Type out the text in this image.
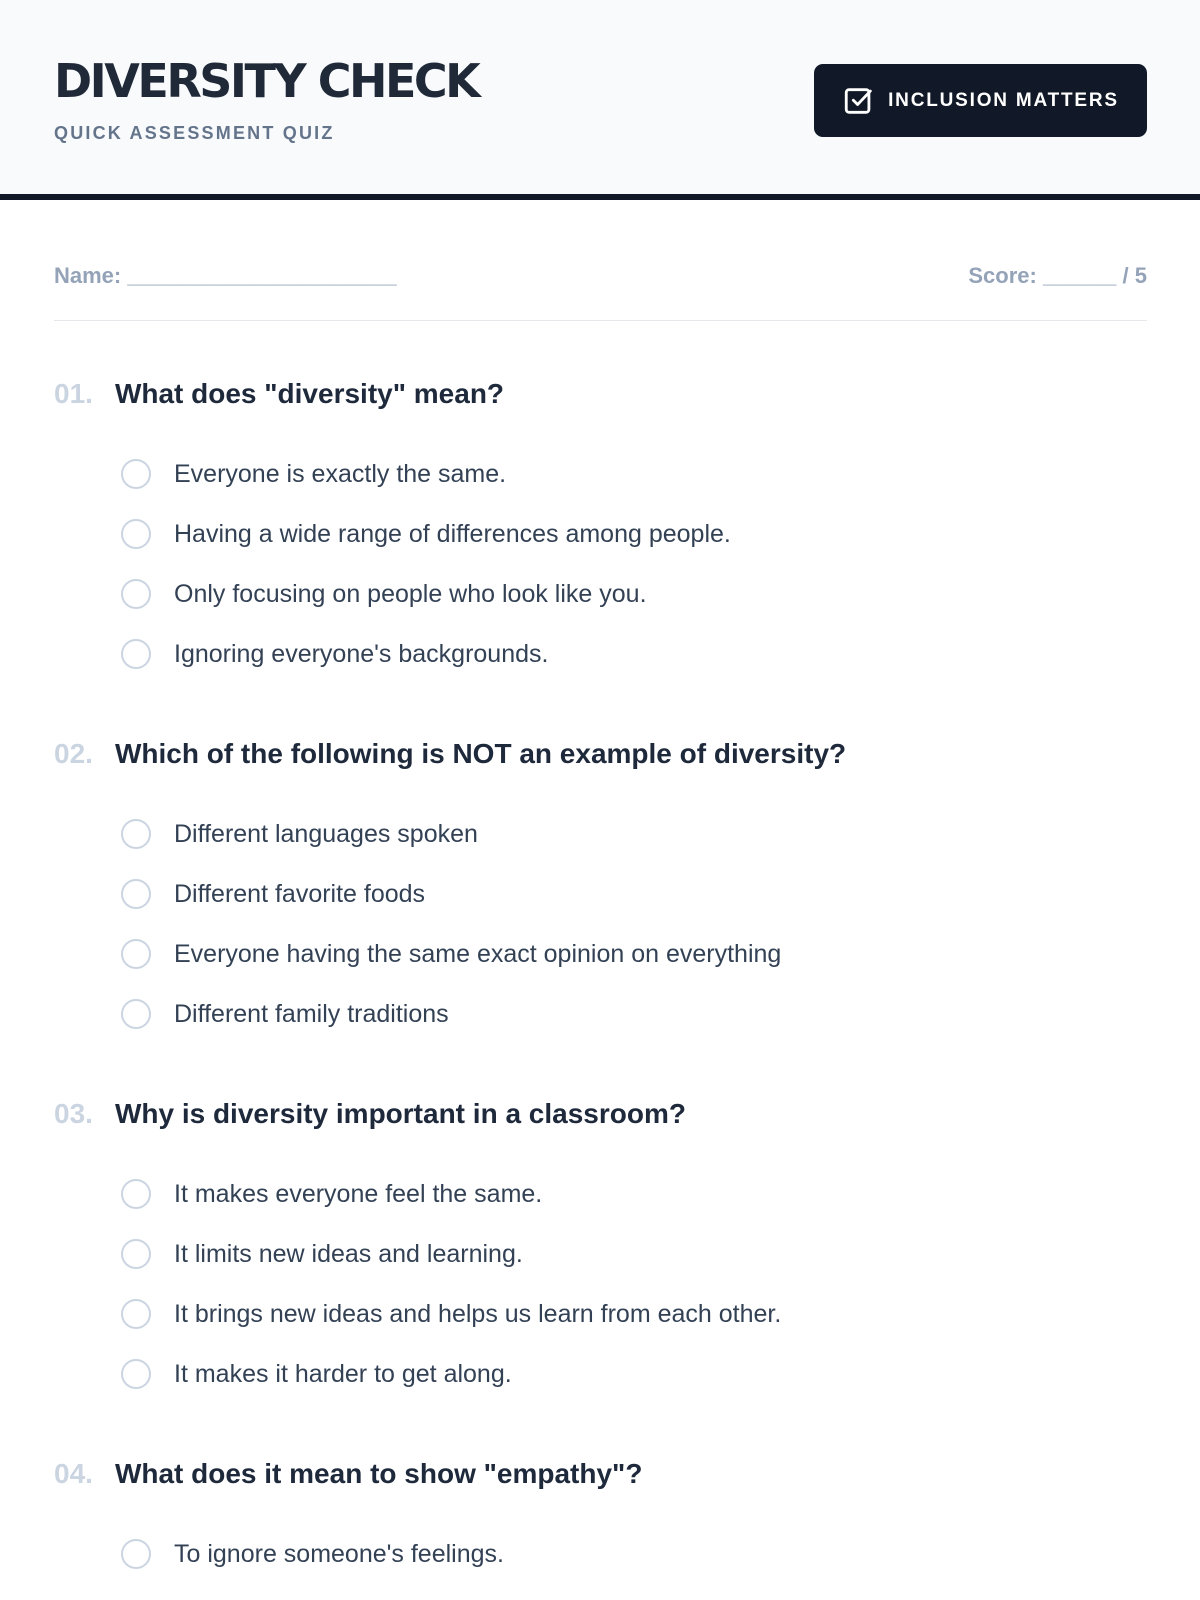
DIVERSITY CHECK
QUICK ASSESSMENT QUIZ
INCLUSION MATTERS
Name: ______________________	Score: ______ / 5
01. What does "diversity" mean?
Everyone is exactly the same.
Having a wide range of differences among people.
Only focusing on people who look like you.
Ignoring everyone's backgrounds.
02. Which of the following is NOT an example of diversity?
Different languages spoken
Different favorite foods
Everyone having the same exact opinion on everything
Different family traditions
03. Why is diversity important in a classroom?
It makes everyone feel the same.
It limits new ideas and learning.
It brings new ideas and helps us learn from each other.
It makes it harder to get along.
04. What does it mean to show "empathy"?
To ignore someone's feelings.
